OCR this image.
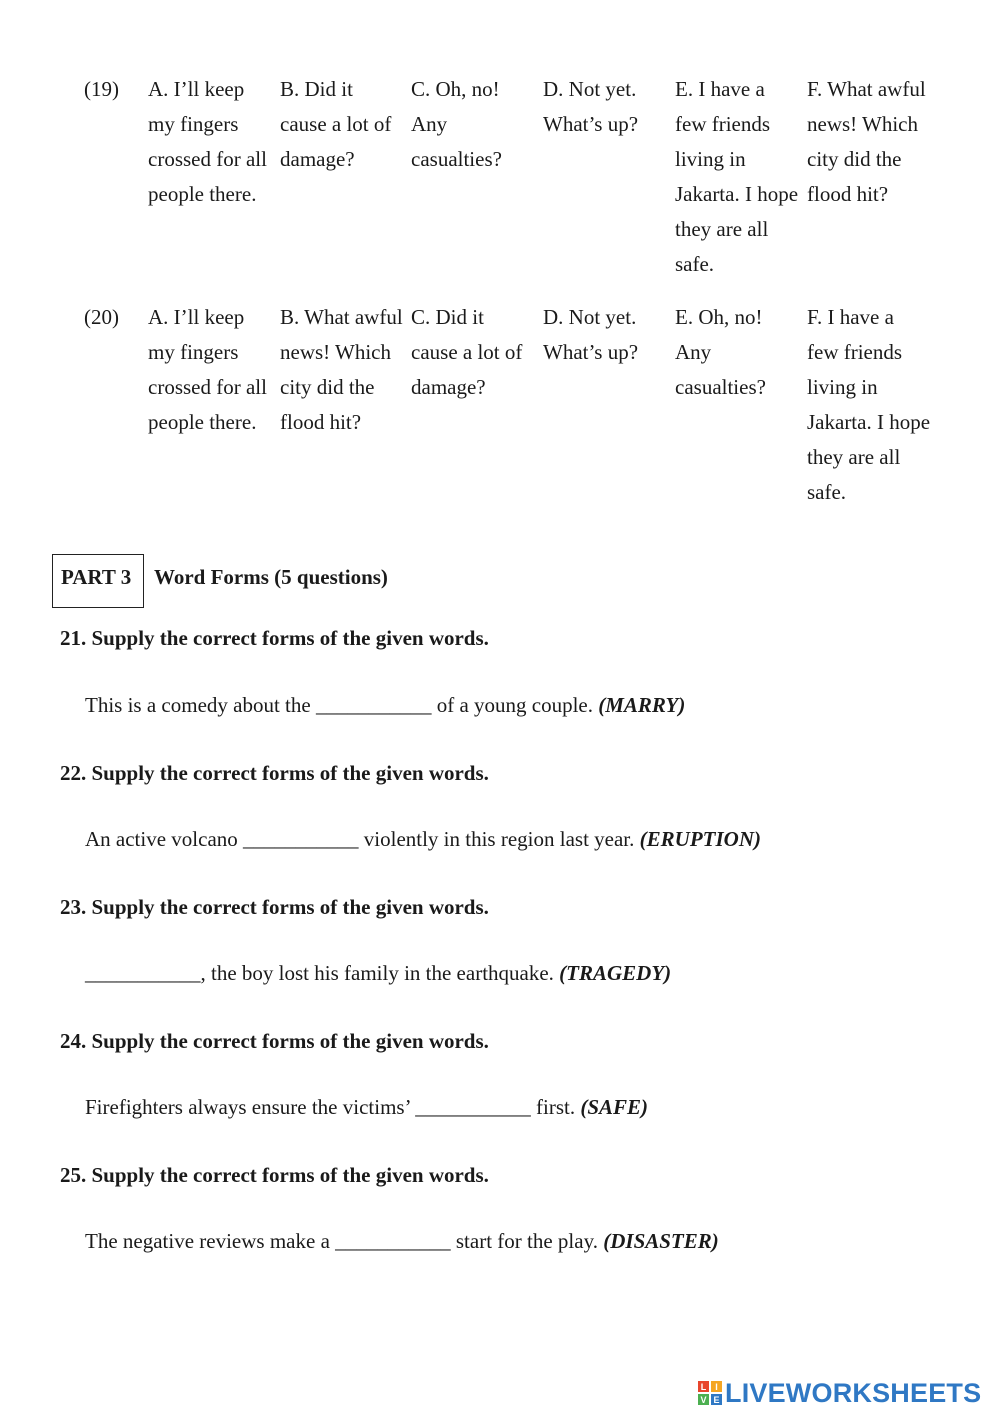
(19) A. I’ll keep
my fingers
crossed for all
people there.
B. Did it
cause a lot of
damage?
C. Oh, no!
Any
casualties?
D. Not yet.
What’s up?
E. I have a
few friends
living in
Jakarta. I hope
they are all
safe.
F. What awful
news! Which
city did the
flood hit?
(20) A. I’ll keep
my fingers
crossed for all
people there.
B. What awful
news! Which
city did the
flood hit?
C. Did it
cause a lot of
damage?
D. Not yet.
What’s up?
E. Oh, no!
Any
casualties?
F. I have a
few friends
living in
Jakarta. I hope
they are all
safe.
PART 3 Word Forms (5 questions)
21. Supply the correct forms of the given words.
This is a comedy about the ___________ of a young couple. (MARRY)
22. Supply the correct forms of the given words.
An active volcano ___________ violently in this region last year. (ERUPTION)
23. Supply the correct forms of the given words.
___________, the boy lost his family in the earthquake. (TRAGEDY)
24. Supply the correct forms of the given words.
Firefighters always ensure the victims’ ___________ first. (SAFE)
25. Supply the correct forms of the given words.
The negative reviews make a ___________ start for the play. (DISASTER)
L I
V E LIVEWORKSHEETS
